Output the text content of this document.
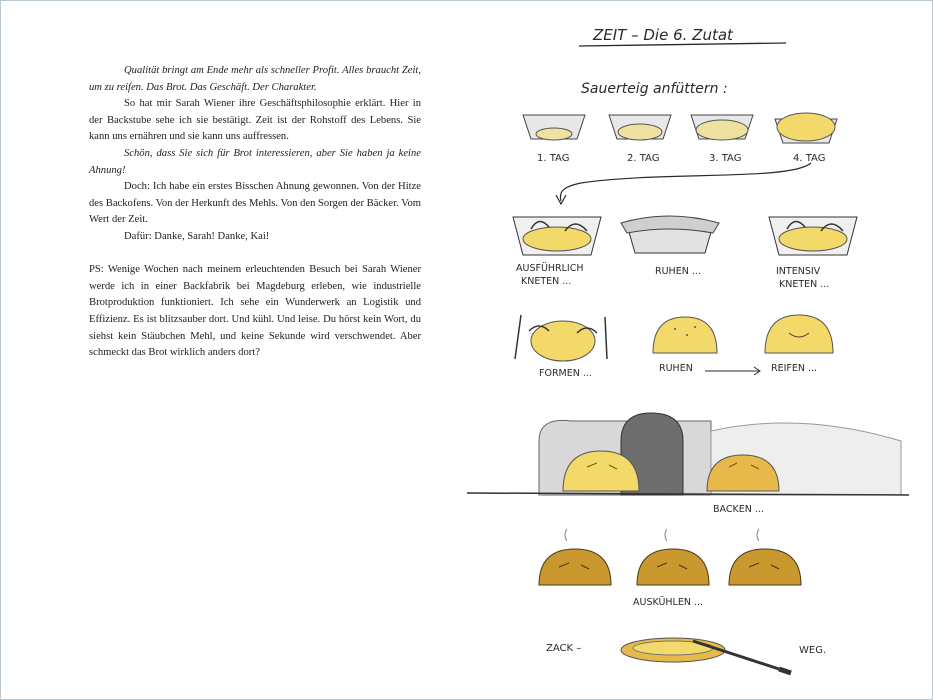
Qualität bringt am Ende mehr als schneller Profit. Alles braucht Zeit, um zu reifen. Das Brot. Das Geschäft. Der Charakter.

So hat mir Sarah Wiener ihre Geschäftsphilosophie erklärt. Hier in der Backstube sehe ich sie bestätigt. Zeit ist der Rohstoff des Lebens. Sie kann uns ernähren und sie kann uns auffressen.

Schön, dass Sie sich für Brot interessieren, aber Sie haben ja keine Ahnung!

Doch: Ich habe ein erstes Bisschen Ahnung gewonnen. Von der Hitze des Backofens. Von der Herkunft des Mehls. Von den Sorgen der Bäcker. Vom Wert der Zeit.

Dafür: Danke, Sarah! Danke, Kai!

PS: Wenige Wochen nach meinem erleuchtenden Besuch bei Sarah Wiener werde ich in einer Backfabrik bei Magdeburg erleben, wie industrielle Brotproduktion funktioniert. Ich sehe ein Wunderwerk an Logistik und Effizienz. Es ist blitzsauber dort. Und kühl. Und leise. Du hörst kein Wort, du siehst kein Stäubchen Mehl, und keine Sekunde wird verschwendet. Aber schmeckt das Brot wirklich anders dort?

ZEIT – Die 6. Zutat
Sauerteig anfüttern :
1. TAG	2. TAG	3. TAG	4. TAG
AUSFÜHRLICH
KNETEN ...
RUHEN ...	INTENSIV
KNETEN ...
FORMEN ...	RUHEN	REIFEN ...
BACKEN ...
AUSKÜHLEN ...
ZACK –	WEG.
